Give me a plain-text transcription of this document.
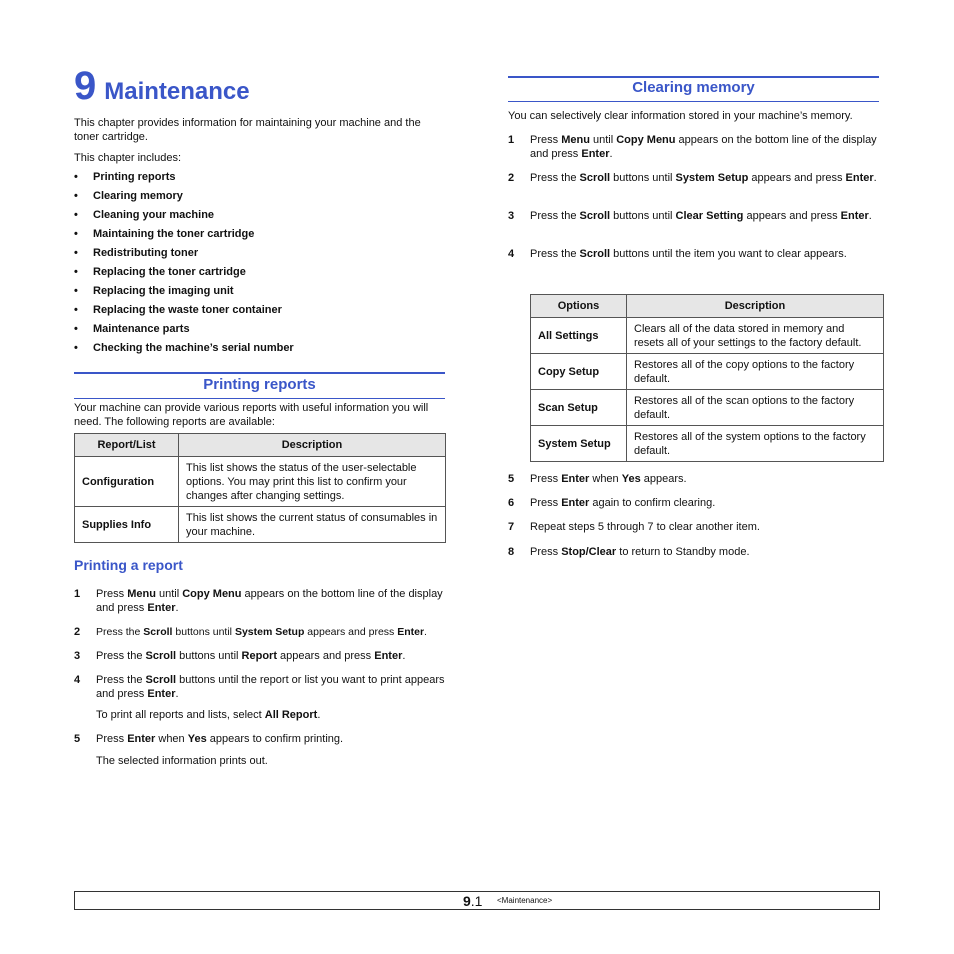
9 Maintenance
This chapter provides information for maintaining your machine and the toner cartridge.
This chapter includes:
• Printing reports
• Clearing memory
• Cleaning your machine
• Maintaining the toner cartridge
• Redistributing toner
• Replacing the toner cartridge
• Replacing the imaging unit
• Replacing the waste toner container
• Maintenance parts
• Checking the machine’s serial number
Printing reports
Your machine can provide various reports with useful information you will need. The following reports are available:
Report/List	Description
Configuration	This list shows the status of the user-selectable options. You may print this list to confirm your changes after changing settings.
Supplies Info	This list shows the current status of consumables in your machine.
Printing a report
1 Press Menu until Copy Menu appears on the bottom line of the display and press Enter.
2 Press the Scroll buttons until System Setup appears and press Enter.
3 Press the Scroll buttons until Report appears and press Enter.
4 Press the Scroll buttons until the report or list you want to print appears and press Enter.
To print all reports and lists, select All Report.
5 Press Enter when Yes appears to confirm printing.
The selected information prints out.
Clearing memory
You can selectively clear information stored in your machine’s memory.
1 Press Menu until Copy Menu appears on the bottom line of the display and press Enter.
2 Press the Scroll buttons until System Setup appears and press Enter.
3 Press the Scroll buttons until Clear Setting appears and press Enter.
4 Press the Scroll buttons until the item you want to clear appears.
Options	Description
All Settings	Clears all of the data stored in memory and resets all of your settings to the factory default.
Copy Setup	Restores all of the copy options to the factory default.
Scan Setup	Restores all of the scan options to the factory default.
System Setup	Restores all of the system options to the factory default.
5 Press Enter when Yes appears.
6 Press Enter again to confirm clearing.
7 Repeat steps 5 through 7 to clear another item.
8 Press Stop/Clear to return to Standby mode.
9.1 <Maintenance>
